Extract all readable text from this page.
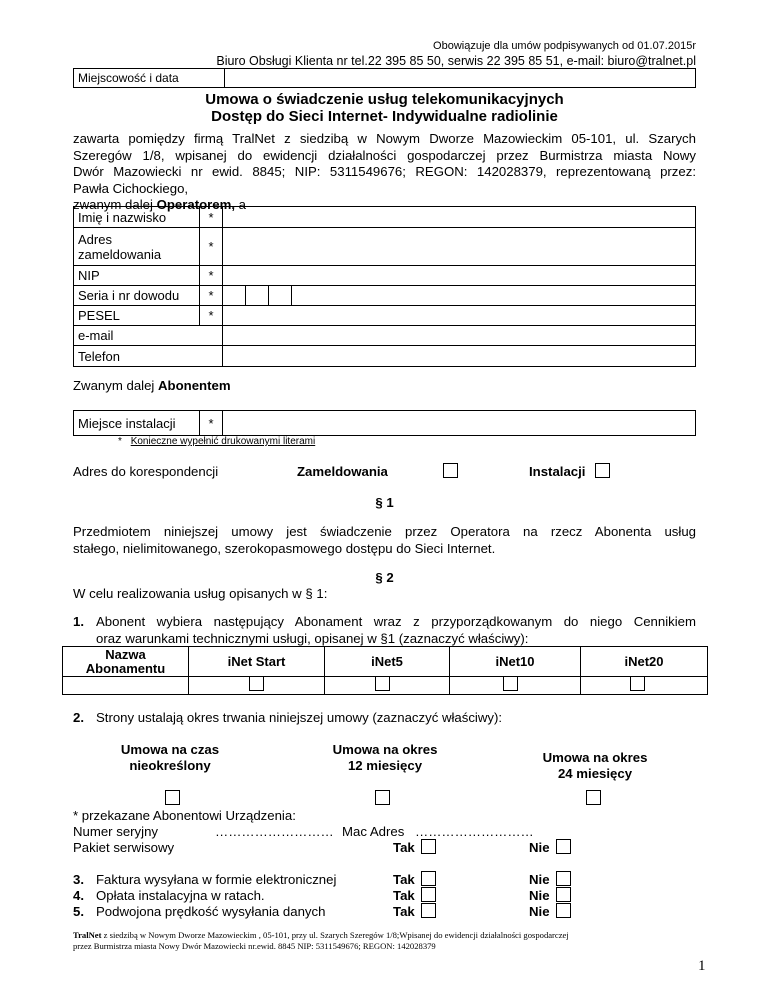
Obowiązuje dla umów podpisywanych od 01.07.2015r
Biuro Obsługi Klienta nr tel.22 395 85 50, serwis 22 395 85 51, e-mail: biuro@tralnet.pl
Miejscowość i data
Umowa o świadczenie usług telekomunikacyjnych
Dostęp do Sieci Internet- Indywidualne radiolinie
zawarta pomiędzy firmą TralNet z siedzibą w Nowym Dworze Mazowieckim 05-101, ul. Szarych
Szeregów 1/8, wpisanej do ewidencji działalności gospodarczej przez Burmistrza miasta Nowy
Dwór Mazowiecki nr ewid. 8845; NIP: 5311549676; REGON: 142028379, reprezentowaną przez:
Pawła Cichockiego,
zwanym dalej Operatorem, a
Imię i nazwisko	*				

Adres
zameldowania	*				
NIP	*				
Seria i nr dowodu	*				
PESEL	*				
e-mail					
Telefon					
Zwanym dalej Abonentem
Miejsce instalacji	*	
* Konieczne wypełnić drukowanymi literami
Adres do korespondencji	Zameldowania	Instalacji
§ 1
Przedmiotem niniejszej umowy jest świadczenie przez Operatora na rzecz Abonenta usług
stałego, nielimitowanego, szerokopasmowego dostępu do Sieci Internet.
§ 2
W celu realizowania usług opisanych w § 1:
1. Abonent wybiera następujący Abonament wraz z przyporządkowanym do niego Cennikiem
oraz warunkami technicznymi usługi, opisanej w §1 (zaznaczyć właściwy):
Nazwa
Abonamentu	iNet Start	iNet5	iNet10	iNet20

2. Strony ustalają okres trwania niniejszej umowy (zaznaczyć właściwy):
Umowa na czas
nieokreślony
Umowa na okres
12 miesięcy
Umowa na okres
24 miesięcy
* przekazane Abonentowi Urządzenia:
Numer seryjny	……………………… Mac Adres ………………………
Pakiet serwisowy	Tak	Nie
3. Faktura wysyłana w formie elektronicznej	Tak	Nie
4. Opłata instalacyjna w ratach.	Tak	Nie
5. Podwojona prędkość wysyłania danych	Tak	Nie
TralNet z siedzibą w Nowym Dworze Mazowieckim , 05-101, przy ul. Szarych Szeregów 1/8;Wpisanej do ewidencji działalności gospodarczej
przez Burmistrza miasta Nowy Dwór Mazowiecki nr.ewid. 8845 NIP: 5311549676; REGON: 142028379
1
